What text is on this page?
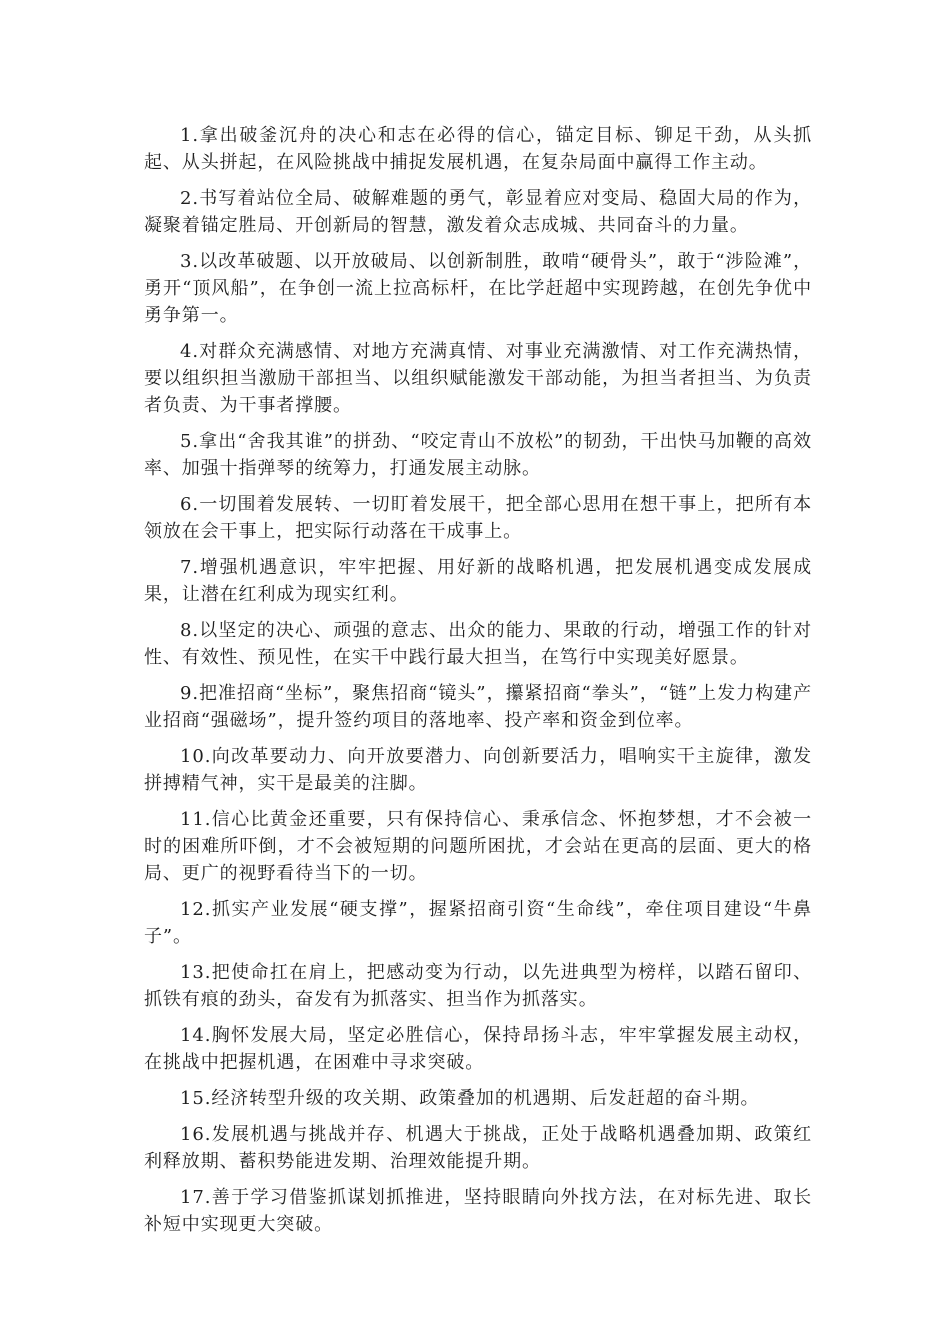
1.拿出破釜沉舟的决心和志在必得的信心，锚定目标、铆足干劲，从头抓起、从头拼起，在风险挑战中捕捉发展机遇，在复杂局面中赢得工作主动。

2.书写着站位全局、破解难题的勇气，彰显着应对变局、稳固大局的作为，凝聚着锚定胜局、开创新局的智慧，激发着众志成城、共同奋斗的力量。

3.以改革破题、以开放破局、以创新制胜，敢啃“硬骨头”，敢于“涉险滩”，勇开“顶风船”，在争创一流上拉高标杆，在比学赶超中实现跨越，在创先争优中勇争第一。

4.对群众充满感情、对地方充满真情、对事业充满激情、对工作充满热情，要以组织担当激励干部担当、以组织赋能激发干部动能，为担当者担当、为负责者负责、为干事者撑腰。

5.拿出“舍我其谁”的拼劲、“咬定青山不放松”的韧劲，干出快马加鞭的高效率、加强十指弹琴的统筹力，打通发展主动脉。

6.一切围着发展转、一切盯着发展干，把全部心思用在想干事上，把所有本领放在会干事上，把实际行动落在干成事上。

7.增强机遇意识，牢牢把握、用好新的战略机遇，把发展机遇变成发展成果，让潜在红利成为现实红利。

8.以坚定的决心、顽强的意志、出众的能力、果敢的行动，增强工作的针对性、有效性、预见性，在实干中践行最大担当，在笃行中实现美好愿景。

9.把准招商“坐标”，聚焦招商“镜头”，攥紧招商“拳头”，“链”上发力构建产业招商“强磁场”，提升签约项目的落地率、投产率和资金到位率。

10.向改革要动力、向开放要潜力、向创新要活力，唱响实干主旋律，激发拼搏精气神，实干是最美的注脚。

11.信心比黄金还重要，只有保持信心、秉承信念、怀抱梦想，才不会被一时的困难所吓倒，才不会被短期的问题所困扰，才会站在更高的层面、更大的格局、更广的视野看待当下的一切。

12.抓实产业发展“硬支撑”，握紧招商引资“生命线”，牵住项目建设“牛鼻子”。

13.把使命扛在肩上，把感动变为行动，以先进典型为榜样，以踏石留印、抓铁有痕的劲头，奋发有为抓落实、担当作为抓落实。

14.胸怀发展大局，坚定必胜信心，保持昂扬斗志，牢牢掌握发展主动权，在挑战中把握机遇，在困难中寻求突破。

15.经济转型升级的攻关期、政策叠加的机遇期、后发赶超的奋斗期。

16.发展机遇与挑战并存、机遇大于挑战，正处于战略机遇叠加期、政策红利释放期、蓄积势能进发期、治理效能提升期。

17.善于学习借鉴抓谋划抓推进，坚持眼睛向外找方法，在对标先进、取长补短中实现更大突破。
